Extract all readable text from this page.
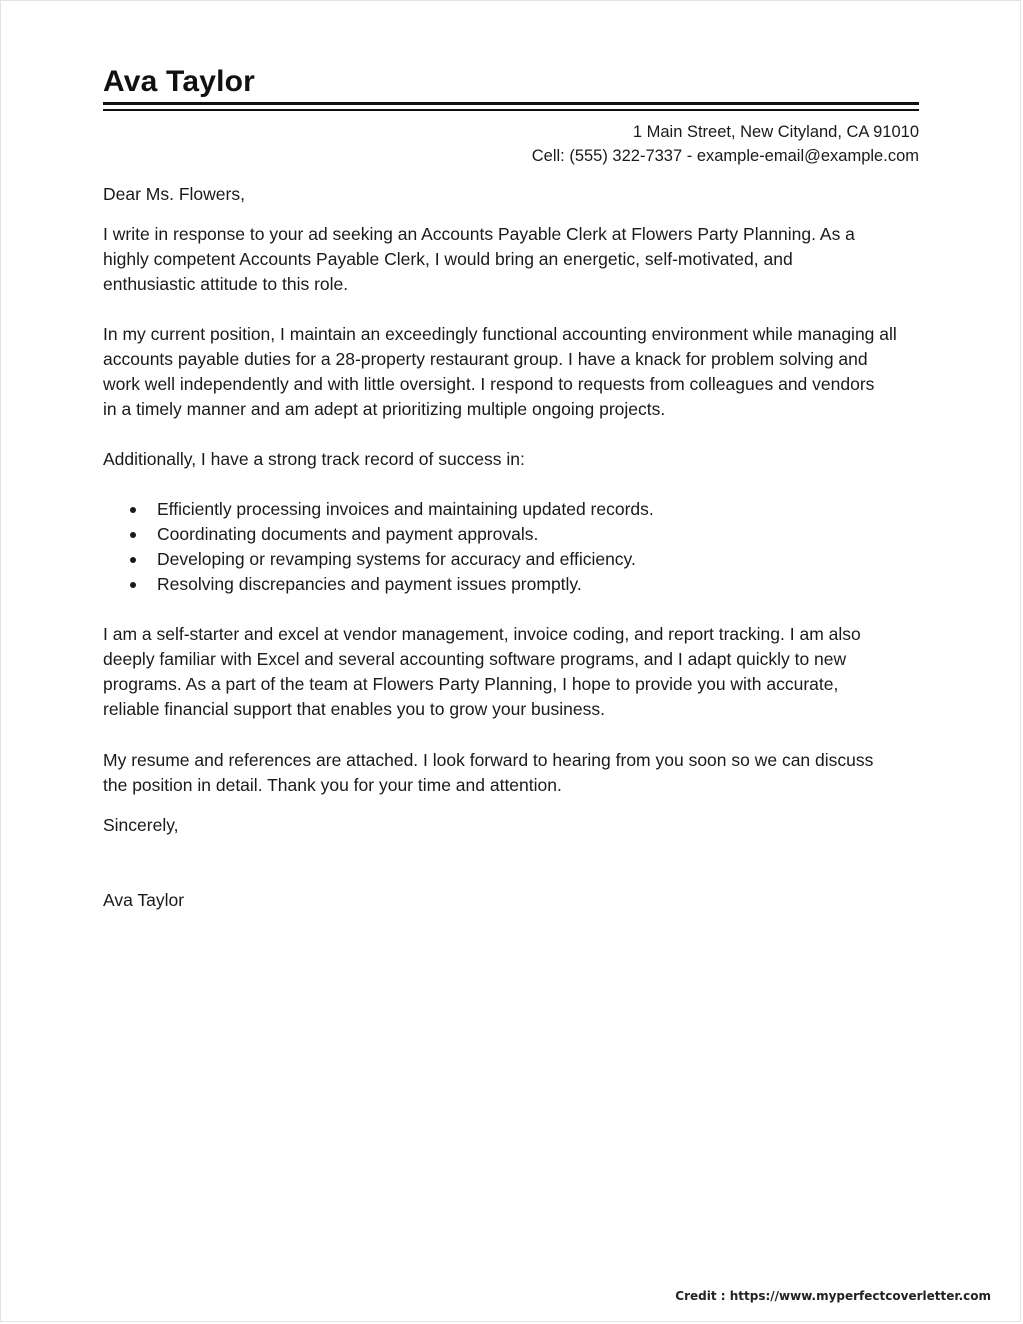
Ava Taylor
1 Main Street, New Cityland, CA 91010
Cell: (555) 322-7337 - example-email@example.com

Dear Ms. Flowers,

I write in response to your ad seeking an Accounts Payable Clerk at Flowers Party Planning. As a
highly competent Accounts Payable Clerk, I would bring an energetic, self-motivated, and
enthusiastic attitude to this role.

In my current position, I maintain an exceedingly functional accounting environment while managing all
accounts payable duties for a 28-property restaurant group. I have a knack for problem solving and
work well independently and with little oversight. I respond to requests from colleagues and vendors
in a timely manner and am adept at prioritizing multiple ongoing projects.

Additionally, I have a strong track record of success in:

Efficiently processing invoices and maintaining updated records.
Coordinating documents and payment approvals.
Developing or revamping systems for accuracy and efficiency.
Resolving discrepancies and payment issues promptly.

I am a self-starter and excel at vendor management, invoice coding, and report tracking. I am also
deeply familiar with Excel and several accounting software programs, and I adapt quickly to new
programs. As a part of the team at Flowers Party Planning, I hope to provide you with accurate,
reliable financial support that enables you to grow your business.

My resume and references are attached. I look forward to hearing from you soon so we can discuss
the position in detail. Thank you for your time and attention.

Sincerely,

Ava Taylor

Credit : https://www.myperfectcoverletter.com
